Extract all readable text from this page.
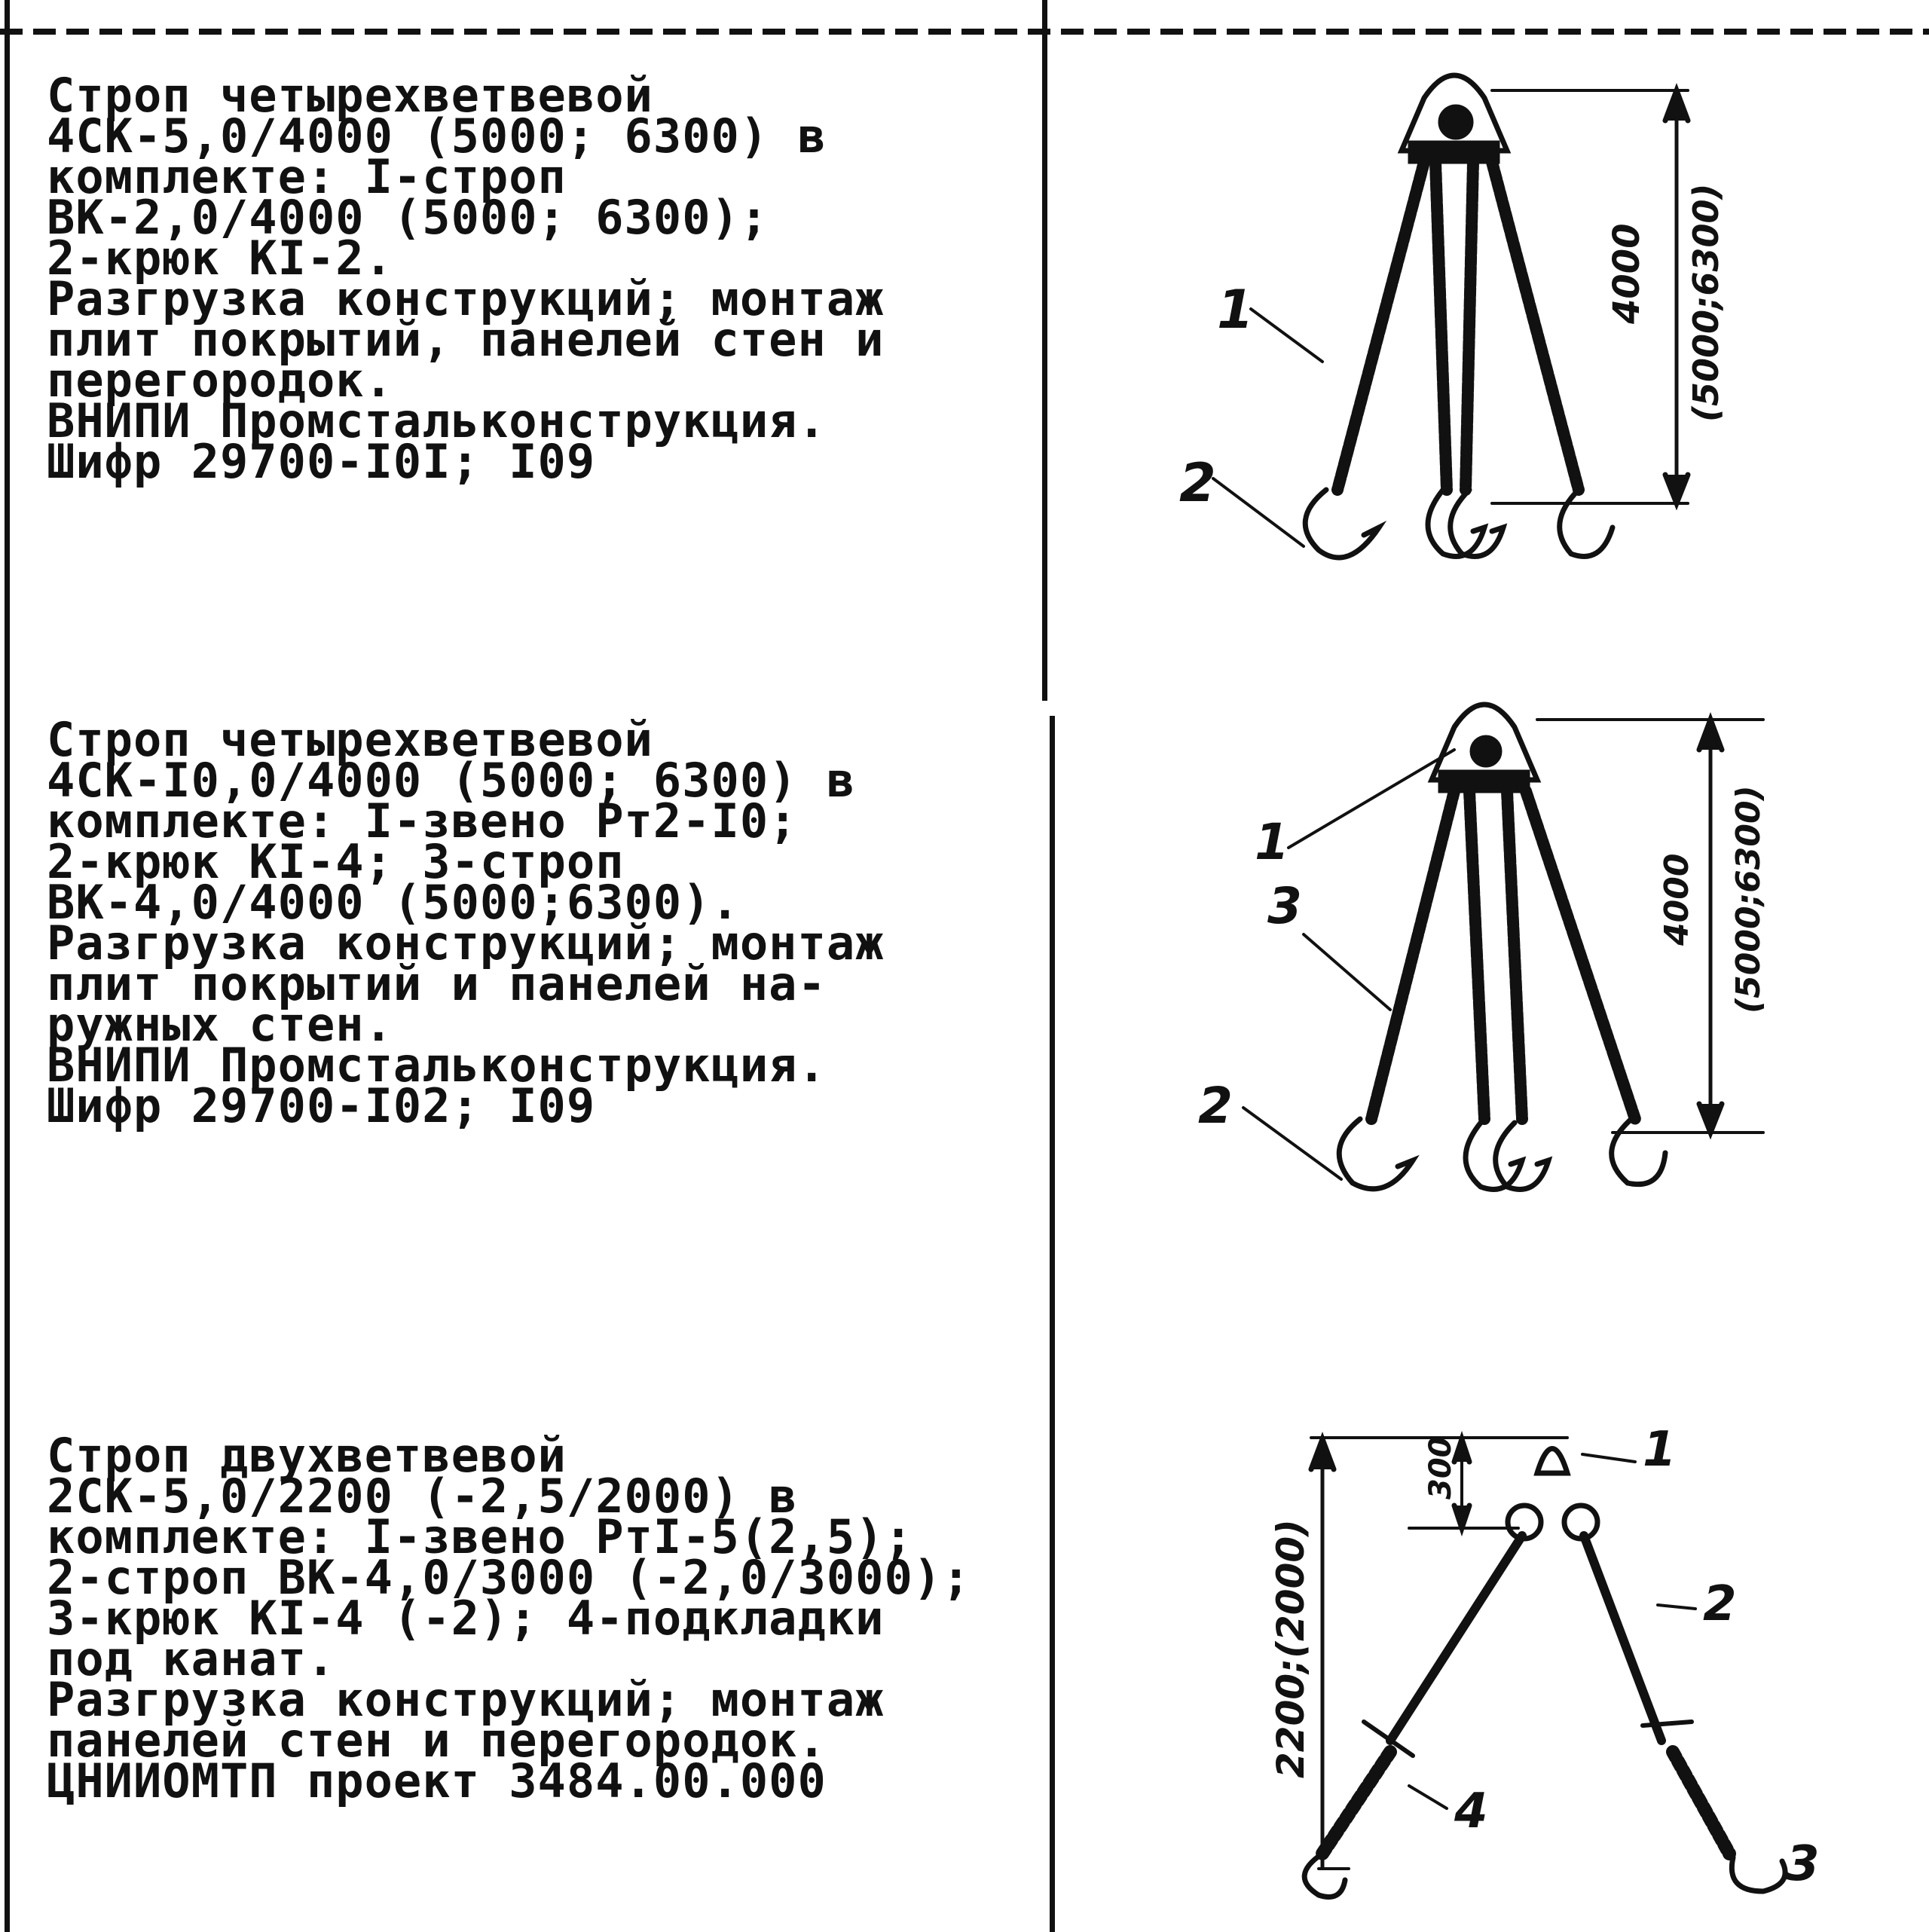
Строп четырехветвевой

4СК-5,0/4000 (5000; 6300) в

комплекте: I-строп

ВК-2,0/4000 (5000; 6300);

2-крюк КI-2.

Разгрузка конструкций; монтаж

плит покрытий, панелей стен и

перегородок.

ВНИПИ Промстальконструкция.

Шифр 29700-I0I; I09

Строп четырехветвевой

4СК-I0,0/4000 (5000; 6300) в

комплекте: I-звено Рт2-I0;

2-крюк КI-4; 3-строп

ВК-4,0/4000 (5000;6300).

Разгрузка конструкций; монтаж

плит покрытий и панелей на-

ружных стен.

ВНИПИ Промстальконструкция.

Шифр 29700-I02; I09

Строп двухветвевой

2СК-5,0/2200 (-2,5/2000) в

комплекте: I-звено РтI-5(2,5);

2-строп ВК-4,0/3000 (-2,0/3000);

3-крюк КI-4 (-2); 4-подкладки

под канат.

Разгрузка конструкций; монтаж

панелей стен и перегородок.

ЦНИИОМТП проект 3484.00.000

1
2
4000 (5000;6300)
1
3
2
4000 (5000;6300)
300
2200;(2000)
1
2
4
3
